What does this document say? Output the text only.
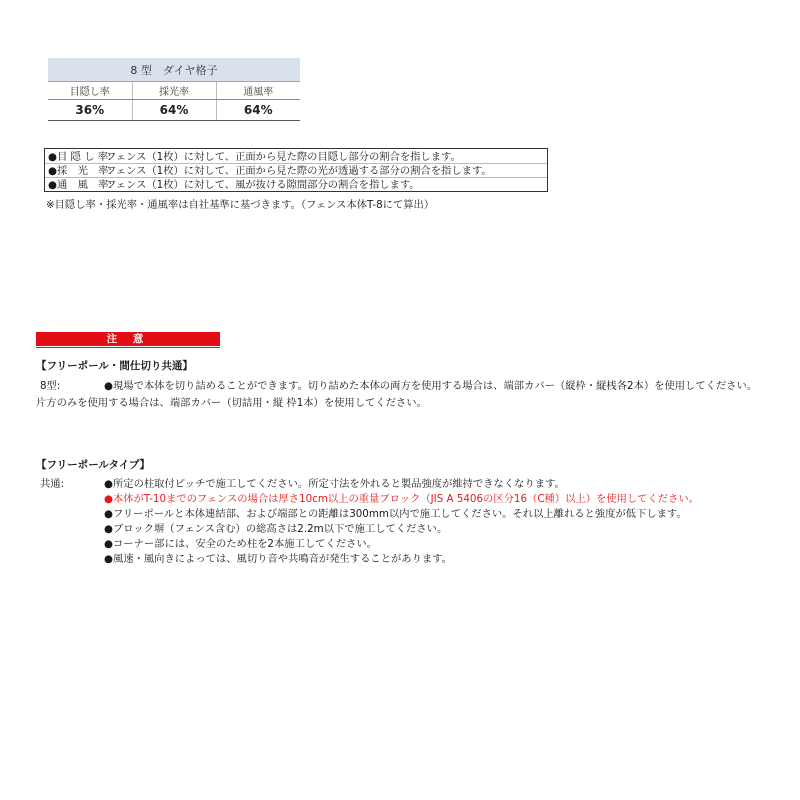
8 型　ダイヤ格子		
目隠し率	採光率	通風率
36%	64%	64%
●目 隠 し 率:フェンス（1枚）に対して、正面から見た際の目隠し部分の割合を指します。
●採　光　率:フェンス（1枚）に対して、正面から見た際の光が透過する部分の割合を指します。
●通　風　率:フェンス（1枚）に対して、風が抜ける隙間部分の割合を指します。
※目隠し率・採光率・通風率は自社基準に基づきます。（フェンス本体T-8にて算出）
注 意
【フリーポール・間仕切り共通】
8型:	●現場で本体を切り詰めることができます。切り詰めた本体の両方を使用する場合は、端部カバー（縦枠・縦桟各2本）を使用してください。
片方のみを使用する場合は、端部カバー（切詰用・縦 枠1本）を使用してください。
【フリーポールタイプ】
共通:	●所定の柱取付ピッチで施工してください。所定寸法を外れると製品強度が維持できなくなります。
●本体がT-10までのフェンスの場合は厚さ10cm以上の重量ブロック（JIS A 5406の区分16（C種）以上）を使用してください。
●フリーポールと本体連結部、および端部との距離は300mm以内で施工してください。それ以上離れると強度が低下します。
●ブロック塀（フェンス含む）の総高さは2.2m以下で施工してください。
●コーナー部には、安全のため柱を2本施工してください。
●風速・風向きによっては、風切り音や共鳴音が発生することがあります。
